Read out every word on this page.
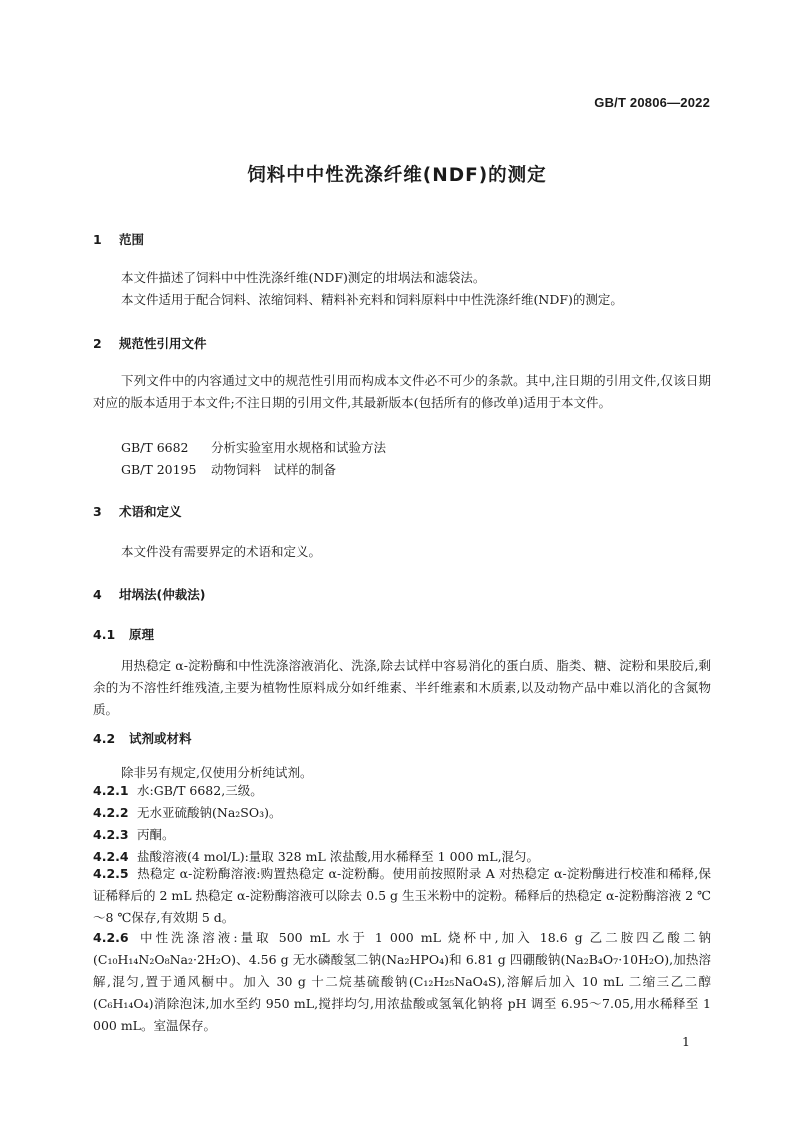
GB/T 20806—2022
饲料中中性洗涤纤维(NDF)的测定
1 范围
本文件描述了饲料中中性洗涤纤维(NDF)测定的坩埚法和滤袋法。
本文件适用于配合饲料、浓缩饲料、精料补充料和饲料原料中中性洗涤纤维(NDF)的测定。
2 规范性引用文件
下列文件中的内容通过文中的规范性引用而构成本文件必不可少的条款。其中,注日期的引用文件,仅该日期对应的版本适用于本文件;不注日期的引用文件,其最新版本(包括所有的修改单)适用于本文件。
GB/T 6682 分析实验室用水规格和试验方法
GB/T 20195 动物饲料　试样的制备
3 术语和定义
本文件没有需要界定的术语和定义。
4 坩埚法(仲裁法)
4.1 原理
用热稳定 α-淀粉酶和中性洗涤溶液消化、洗涤,除去试样中容易消化的蛋白质、脂类、糖、淀粉和果胶后,剩余的为不溶性纤维残渣,主要为植物性原料成分如纤维素、半纤维素和木质素,以及动物产品中难以消化的含氮物质。
4.2 试剂或材料
除非另有规定,仅使用分析纯试剂。
4.2.1 水:GB/T 6682,三级。
4.2.2 无水亚硫酸钠(Na₂SO₃)。
4.2.3 丙酮。
4.2.4 盐酸溶液(4 mol/L):量取 328 mL 浓盐酸,用水稀释至 1 000 mL,混匀。
4.2.5 热稳定 α-淀粉酶溶液:购置热稳定 α-淀粉酶。使用前按照附录 A 对热稳定 α-淀粉酶进行校准和稀释,保证稀释后的 2 mL 热稳定 α-淀粉酶溶液可以除去 0.5 g 生玉米粉中的淀粉。稀释后的热稳定 α-淀粉酶溶液 2 ℃～8 ℃保存,有效期 5 d。
4.2.6 中性洗涤溶液:量取 500 mL 水于 1 000 mL 烧杯中,加入 18.6 g 乙二胺四乙酸二钠(C₁₀H₁₄N₂O₈Na₂·2H₂O)、4.56 g 无水磷酸氢二钠(Na₂HPO₄)和 6.81 g 四硼酸钠(Na₂B₄O₇·10H₂O),加热溶解,混匀,置于通风橱中。加入 30 g 十二烷基硫酸钠(C₁₂H₂₅NaO₄S),溶解后加入 10 mL 二缩三乙二醇(C₆H₁₄O₄)消除泡沫,加水至约 950 mL,搅拌均匀,用浓盐酸或氢氧化钠将 pH 调至 6.95～7.05,用水稀释至 1 000 mL。室温保存。
1
